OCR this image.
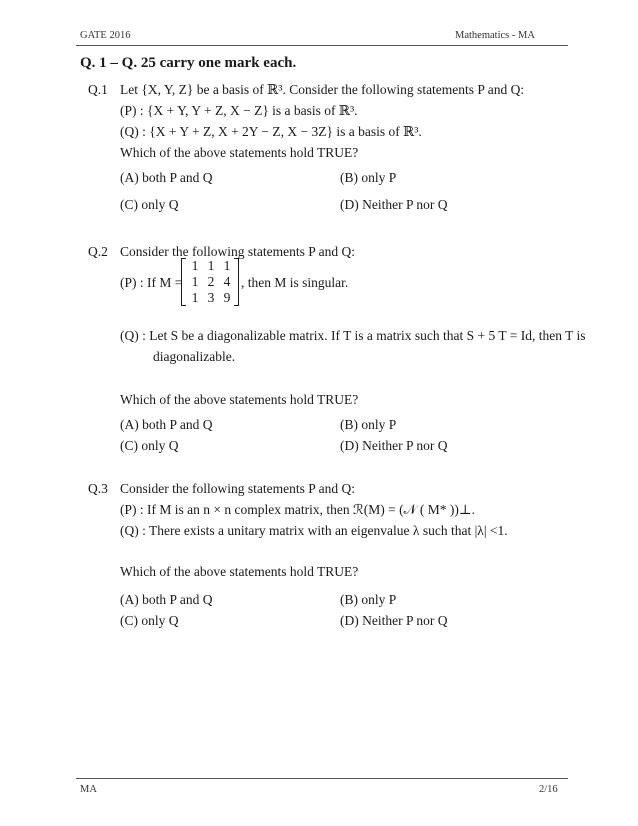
GATE 2016	Mathematics - MA
Q. 1 – Q. 25 carry one mark each.
Q.1 Let {X, Y, Z} be a basis of ℝ³. Consider the following statements P and Q:
(P) : {X + Y, Y + Z, X − Z} is a basis of ℝ³.
(Q) : {X + Y + Z, X + 2Y − Z, X − 3Z} is a basis of ℝ³.
Which of the above statements hold TRUE?
(A) both P and Q	(B) only P
(C) only Q	(D) Neither P nor Q
Q.2 Consider the following statements P and Q:
(P) : If M =
1 1 1
1 2 4
1 3 9
, then M is singular.
(Q) : Let S be a diagonalizable matrix. If T is a matrix such that S + 5 T = Id, then T is
diagonalizable.
Which of the above statements hold TRUE?
(A) both P and Q	(B) only P
(C) only Q	(D) Neither P nor Q
Q.3 Consider the following statements P and Q:
(P) : If M is an n × n complex matrix, then ℛ(M) = (𝒩 ( M* ))⊥.
(Q) : There exists a unitary matrix with an eigenvalue λ such that |λ| <1.
Which of the above statements hold TRUE?
(A) both P and Q	(B) only P
(C) only Q	(D) Neither P nor Q
MA	2/16
